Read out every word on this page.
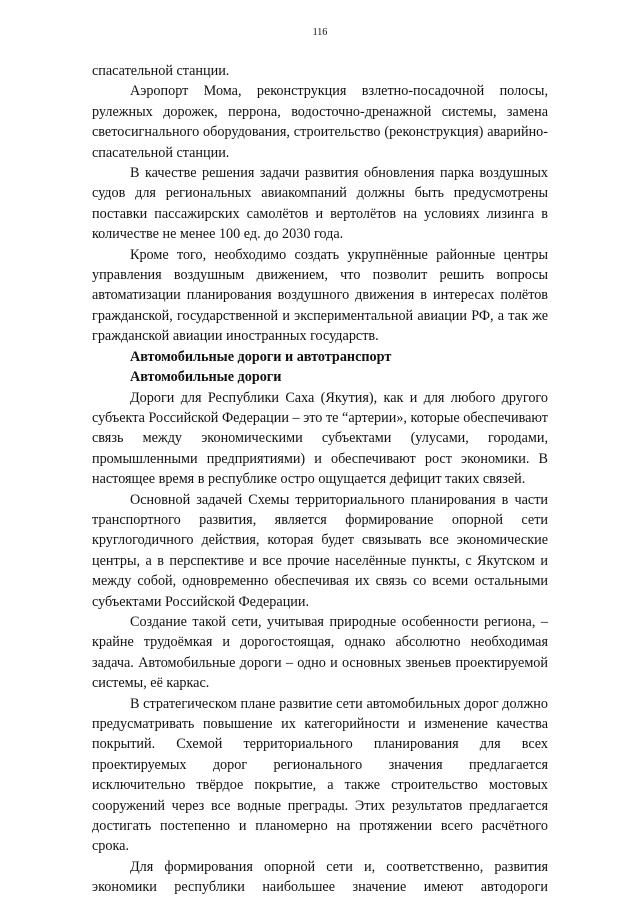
116

спасательной станции.

Аэропорт Мома, реконструкция взлетно-посадочной полосы, рулежных дорожек, перрона, водосточно-дренажной системы, замена светосигнального оборудования, строительство (реконструкция) аварийно-спасательной станции.

В качестве решения задачи развития обновления парка воздушных судов для региональных авиакомпаний должны быть предусмотрены поставки пассажирских самолётов и вертолётов на условиях лизинга в количестве не менее 100 ед. до 2030 года.

Кроме того, необходимо создать укрупнённые районные центры управления воздушным движением, что позволит решить вопросы автоматизации планирования воздушного движения в интересах полётов гражданской, государственной и экспериментальной авиации РФ, а так же гражданской авиации иностранных государств.

Автомобильные дороги и автотранспорт
Автомобильные дороги

Дороги для Республики Саха (Якутия), как и для любого другого субъекта Российской Федерации – это те “артерии», которые обеспечивают связь между экономическими субъектами (улусами, городами, промышленными предприятиями) и обеспечивают рост экономики. В настоящее время в республике остро ощущается дефицит таких связей.

Основной задачей Схемы территориального планирования в части транспортного развития, является формирование опорной сети круглогодичного действия, которая будет связывать все экономические центры, а в перспективе и все прочие населённые пункты, с Якутском и между собой, одновременно обеспечивая их связь со всеми остальными субъектами Российской Федерации.

Создание такой сети, учитывая природные особенности региона, – крайне трудоёмкая и дорогостоящая, однако абсолютно необходимая задача. Автомобильные дороги – одно и основных звеньев проектируемой системы, её каркас.

В стратегическом плане развитие сети автомобильных дорог должно предусматривать повышение их категорийности и изменение качества покрытий. Схемой территориального планирования для всех проектируемых дорог регионального значения предлагается исключительно твёрдое покрытие, а также строительство мостовых сооружений через все водные преграды. Этих результатов предлагается достигать постепенно и планомерно на протяжении всего расчётного срока.

Для формирования опорной сети и, соответственно, развития экономики республики наибольшее значение имеют автодороги
